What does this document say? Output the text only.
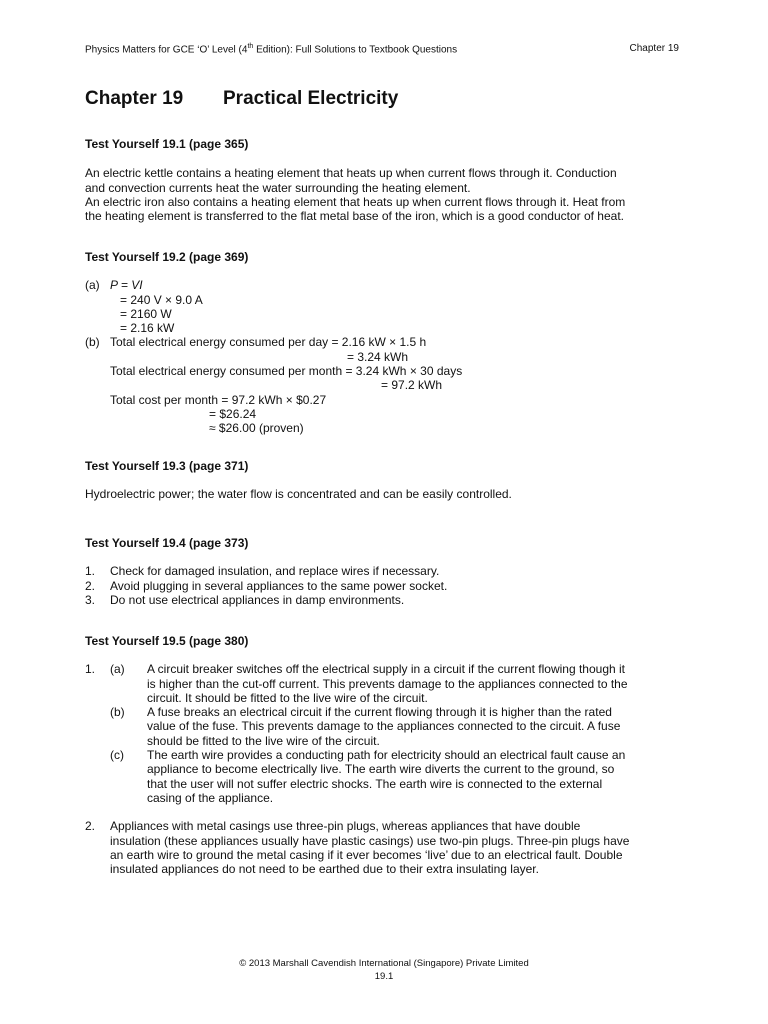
Physics Matters for GCE ‘O’ Level (4th Edition): Full Solutions to Textbook Questions	Chapter 19
Chapter 19	Practical Electricity
Test Yourself 19.1 (page 365)
An electric kettle contains a heating element that heats up when current flows through it. Conduction
and convection currents heat the water surrounding the heating element.
An electric iron also contains a heating element that heats up when current flows through it. Heat from
the heating element is transferred to the flat metal base of the iron, which is a good conductor of heat.
Test Yourself 19.2 (page 369)
(a) P = VI
= 240 V × 9.0 A
= 2160 W
= 2.16 kW
(b) Total electrical energy consumed per day = 2.16 kW × 1.5 h
= 3.24 kWh
Total electrical energy consumed per month = 3.24 kWh × 30 days
= 97.2 kWh
Total cost per month = 97.2 kWh × $0.27
= $26.24
≈ $26.00 (proven)
Test Yourself 19.3 (page 371)
Hydroelectric power; the water flow is concentrated and can be easily controlled.
Test Yourself 19.4 (page 373)
1.	Check for damaged insulation, and replace wires if necessary.
2.	Avoid plugging in several appliances to the same power socket.
3.	Do not use electrical appliances in damp environments.
Test Yourself 19.5 (page 380)
1.	(a)	A circuit breaker switches off the electrical supply in a circuit if the current flowing though it
is higher than the cut-off current. This prevents damage to the appliances connected to the
circuit. It should be fitted to the live wire of the circuit.
(b)	A fuse breaks an electrical circuit if the current flowing through it is higher than the rated
value of the fuse. This prevents damage to the appliances connected to the circuit. A fuse
should be fitted to the live wire of the circuit.
(c)	The earth wire provides a conducting path for electricity should an electrical fault cause an
appliance to become electrically live. The earth wire diverts the current to the ground, so
that the user will not suffer electric shocks. The earth wire is connected to the external
casing of the appliance.
2.	Appliances with metal casings use three-pin plugs, whereas appliances that have double
insulation (these appliances usually have plastic casings) use two-pin plugs. Three-pin plugs have
an earth wire to ground the metal casing if it ever becomes ‘live’ due to an electrical fault. Double
insulated appliances do not need to be earthed due to their extra insulating layer.
© 2013 Marshall Cavendish International (Singapore) Private Limited
19.1
